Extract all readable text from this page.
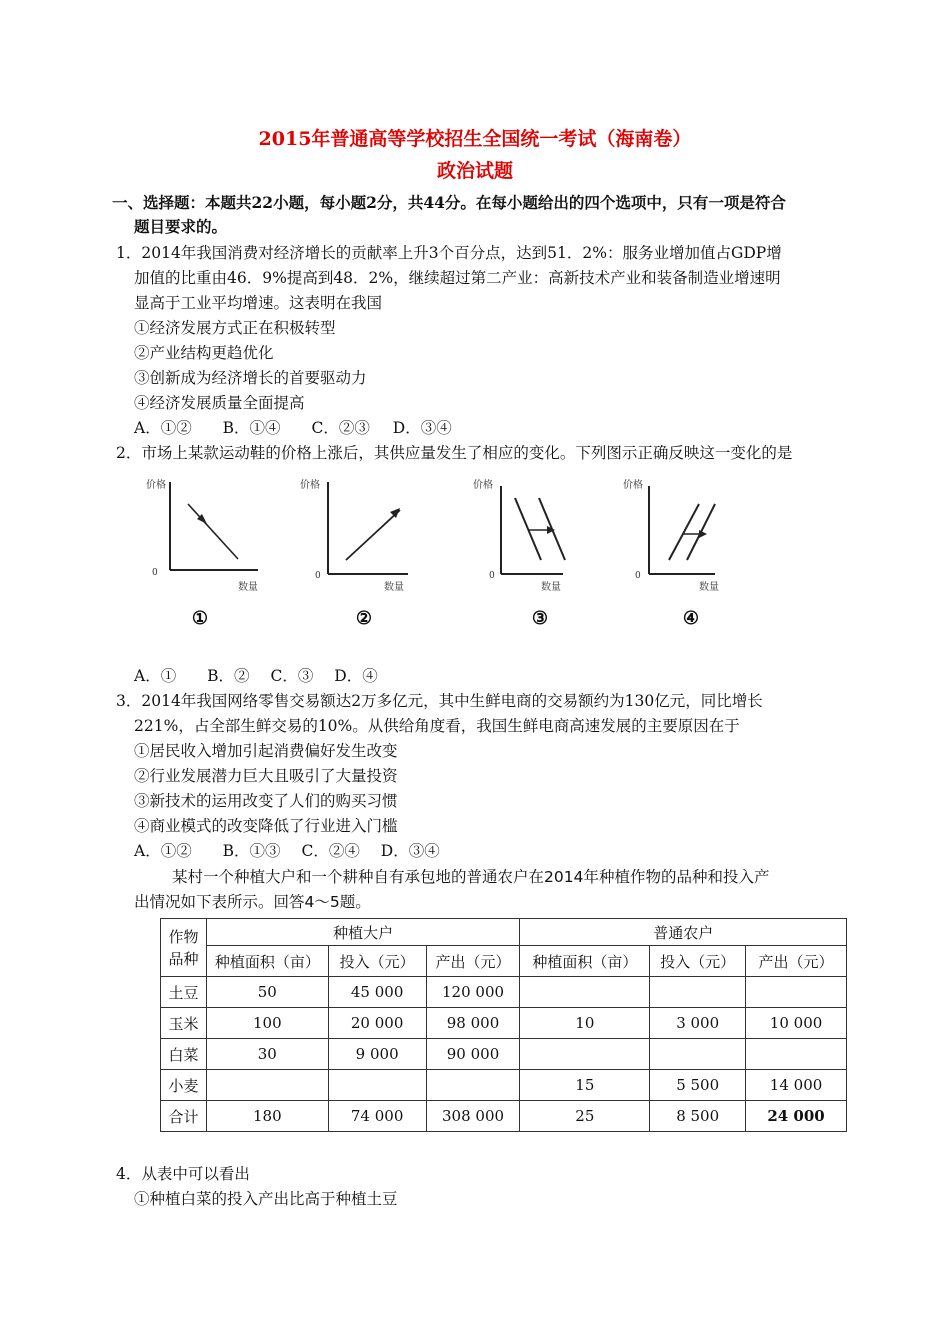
2015年普通高等学校招生全国统一考试（海南卷）
政治试题
一、选择题：本题共22小题，每小题2分，共44分。在每小题给出的四个选项中，只有一项是符合
题目要求的。
1．2014年我国消费对经济增长的贡献率上升3个百分点，达到51．2%：服务业增加值占GDP增
加值的比重由46．9%提高到48．2%，继续超过第二产业：高新技术产业和装备制造业增速明
显高于工业平均增速。这表明在我国
①经济发展方式正在积极转型
②产业结构更趋优化
③创新成为经济增长的首要驱动力
④经济发展质量全面提高
A．①② B．①④ C．②③ D．③④
2．市场上某款运动鞋的价格上涨后，其供应量发生了相应的变化。下列图示正确反映这一变化的是
价格
0
数量
价格
0
数量
价格
0
数量
价格
0
数量
①	②	③	④
A．① B．② C．③ D．④
3．2014年我国网络零售交易额达2万多亿元，其中生鲜电商的交易额约为130亿元，同比增长
221%，占全部生鲜交易的10%。从供给角度看，我国生鲜电商高速发展的主要原因在于
①居民收入增加引起消费偏好发生改变
②行业发展潜力巨大且吸引了大量投资
③新技术的运用改变了人们的购买习惯
④商业模式的改变降低了行业进入门槛
A．①② B．①③ C．②④ D．③④
某村一个种植大户和一个耕种自有承包地的普通农户在2014年种植作物的品种和投入产
出情况如下表所示。回答4～5题。
作物
品种	种植大户			普通农户		
	种植面积（亩）	投入（元）	产出（元）	种植面积（亩）	投入（元）	产出（元）
土豆	50	45 000	120 000			
玉米	100	20 000	98 000	10	3 000	10 000
白菜	30	9 000	90 000			
小麦				15	5 500	14 000
合计	180	74 000	308 000	25	8 500	24 000
4．从表中可以看出
①种植白菜的投入产出比高于种植土豆
